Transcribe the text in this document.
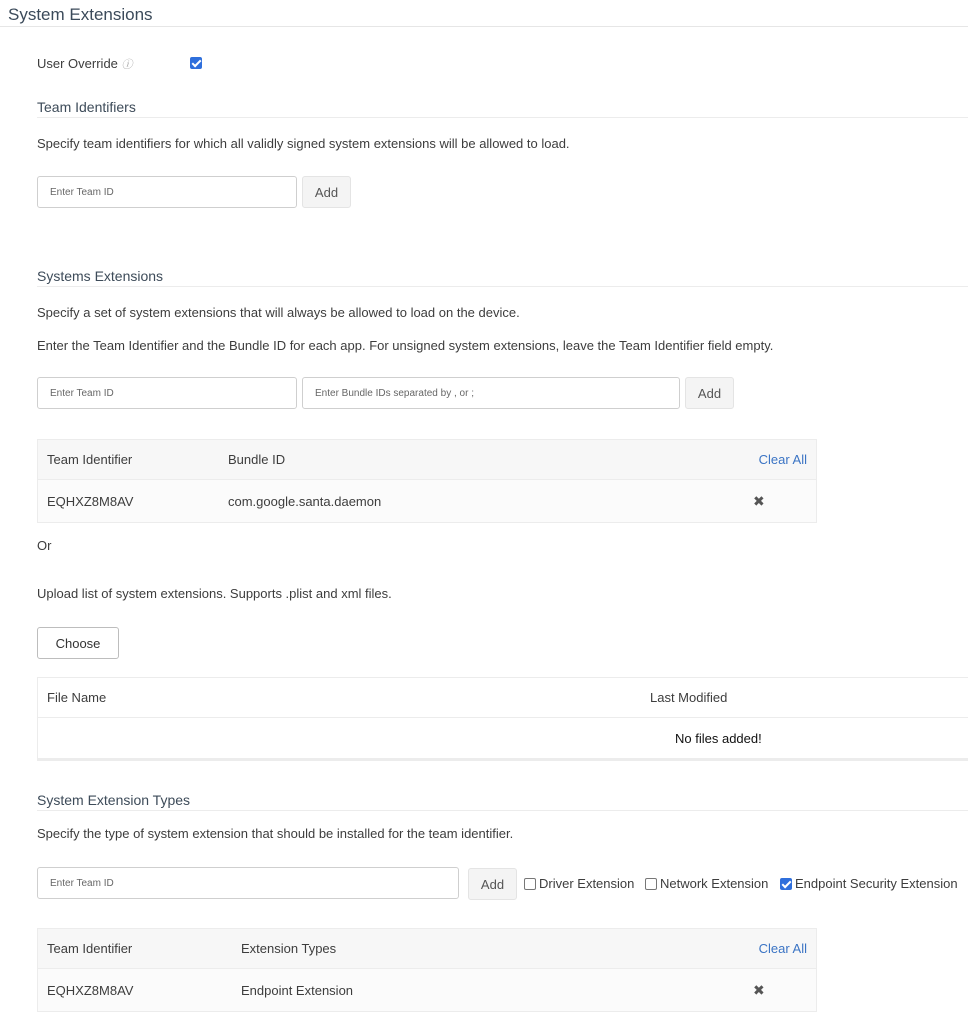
System Extensions
User Override ⓘ

Team Identifiers
Specify team identifiers for which all validly signed system extensions will be allowed to load.
Enter Team ID
Add
Systems Extensions
Specify a set of system extensions that will always be allowed to load on the device.
Enter the Team Identifier and the Bundle ID for each app. For unsigned system extensions, leave the Team Identifier field empty.
Enter Team ID
Enter Bundle IDs separated by , or ;
Add
Team Identifier	Bundle ID	Clear All
EQHXZ8M8AV	com.google.santa.daemon	✖
Or
Upload list of system extensions. Supports .plist and xml files.
Choose
File Name	Last Modified
No files added!
System Extension Types
Specify the type of system extension that should be installed for the team identifier.
Enter Team ID
Add	Driver Extension Network Extension Endpoint Security Extension
Team Identifier	Extension Types	Clear All
EQHXZ8M8AV	Endpoint Extension	✖
